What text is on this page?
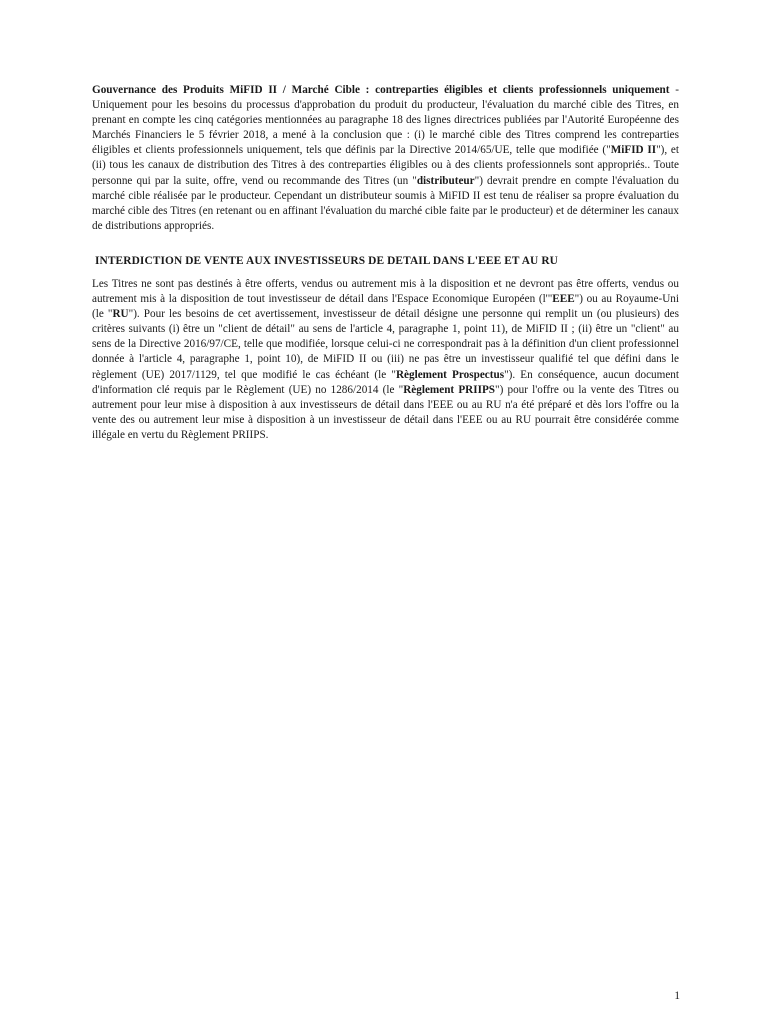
Gouvernance des Produits MiFID II / Marché Cible : contreparties éligibles et clients professionnels uniquement - Uniquement pour les besoins du processus d'approbation du produit du producteur, l'évaluation du marché cible des Titres, en prenant en compte les cinq catégories mentionnées au paragraphe 18 des lignes directrices publiées par l'Autorité Européenne des Marchés Financiers le 5 février 2018, a mené à la conclusion que : (i) le marché cible des Titres comprend les contreparties éligibles et clients professionnels uniquement, tels que définis par la Directive 2014/65/UE, telle que modifiée ("MiFID II"), et (ii) tous les canaux de distribution des Titres à des contreparties éligibles ou à des clients professionnels sont appropriés.. Toute personne qui par la suite, offre, vend ou recommande des Titres (un "distributeur") devrait prendre en compte l'évaluation du marché cible réalisée par le producteur. Cependant un distributeur soumis à MiFID II est tenu de réaliser sa propre évaluation du marché cible des Titres (en retenant ou en affinant l'évaluation du marché cible faite par le producteur) et de déterminer les canaux de distributions appropriés.

INTERDICTION DE VENTE AUX INVESTISSEURS DE DETAIL DANS L'EEE ET AU RU

Les Titres ne sont pas destinés à être offerts, vendus ou autrement mis à la disposition et ne devront pas être offerts, vendus ou autrement mis à la disposition de tout investisseur de détail dans l'Espace Economique Européen (l'"EEE") ou au Royaume-Uni (le "RU"). Pour les besoins de cet avertissement, investisseur de détail désigne une personne qui remplit un (ou plusieurs) des critères suivants (i) être un "client de détail" au sens de l'article 4, paragraphe 1, point 11), de MiFID II ; (ii) être un "client" au sens de la Directive 2016/97/CE, telle que modifiée, lorsque celui-ci ne correspondrait pas à la définition d'un client professionnel donnée à l'article 4, paragraphe 1, point 10), de MiFID II ou (iii) ne pas être un investisseur qualifié tel que défini dans le règlement (UE) 2017/1129, tel que modifié le cas échéant (le "Règlement Prospectus"). En conséquence, aucun document d'information clé requis par le Règlement (UE) no 1286/2014 (le "Règlement PRIIPS") pour l'offre ou la vente des Titres ou autrement pour leur mise à disposition à aux investisseurs de détail dans l'EEE ou au RU n'a été préparé et dès lors l'offre ou la vente des ou autrement leur mise à disposition à un investisseur de détail dans l'EEE ou au RU pourrait être considérée comme illégale en vertu du Règlement PRIIPS.

1
